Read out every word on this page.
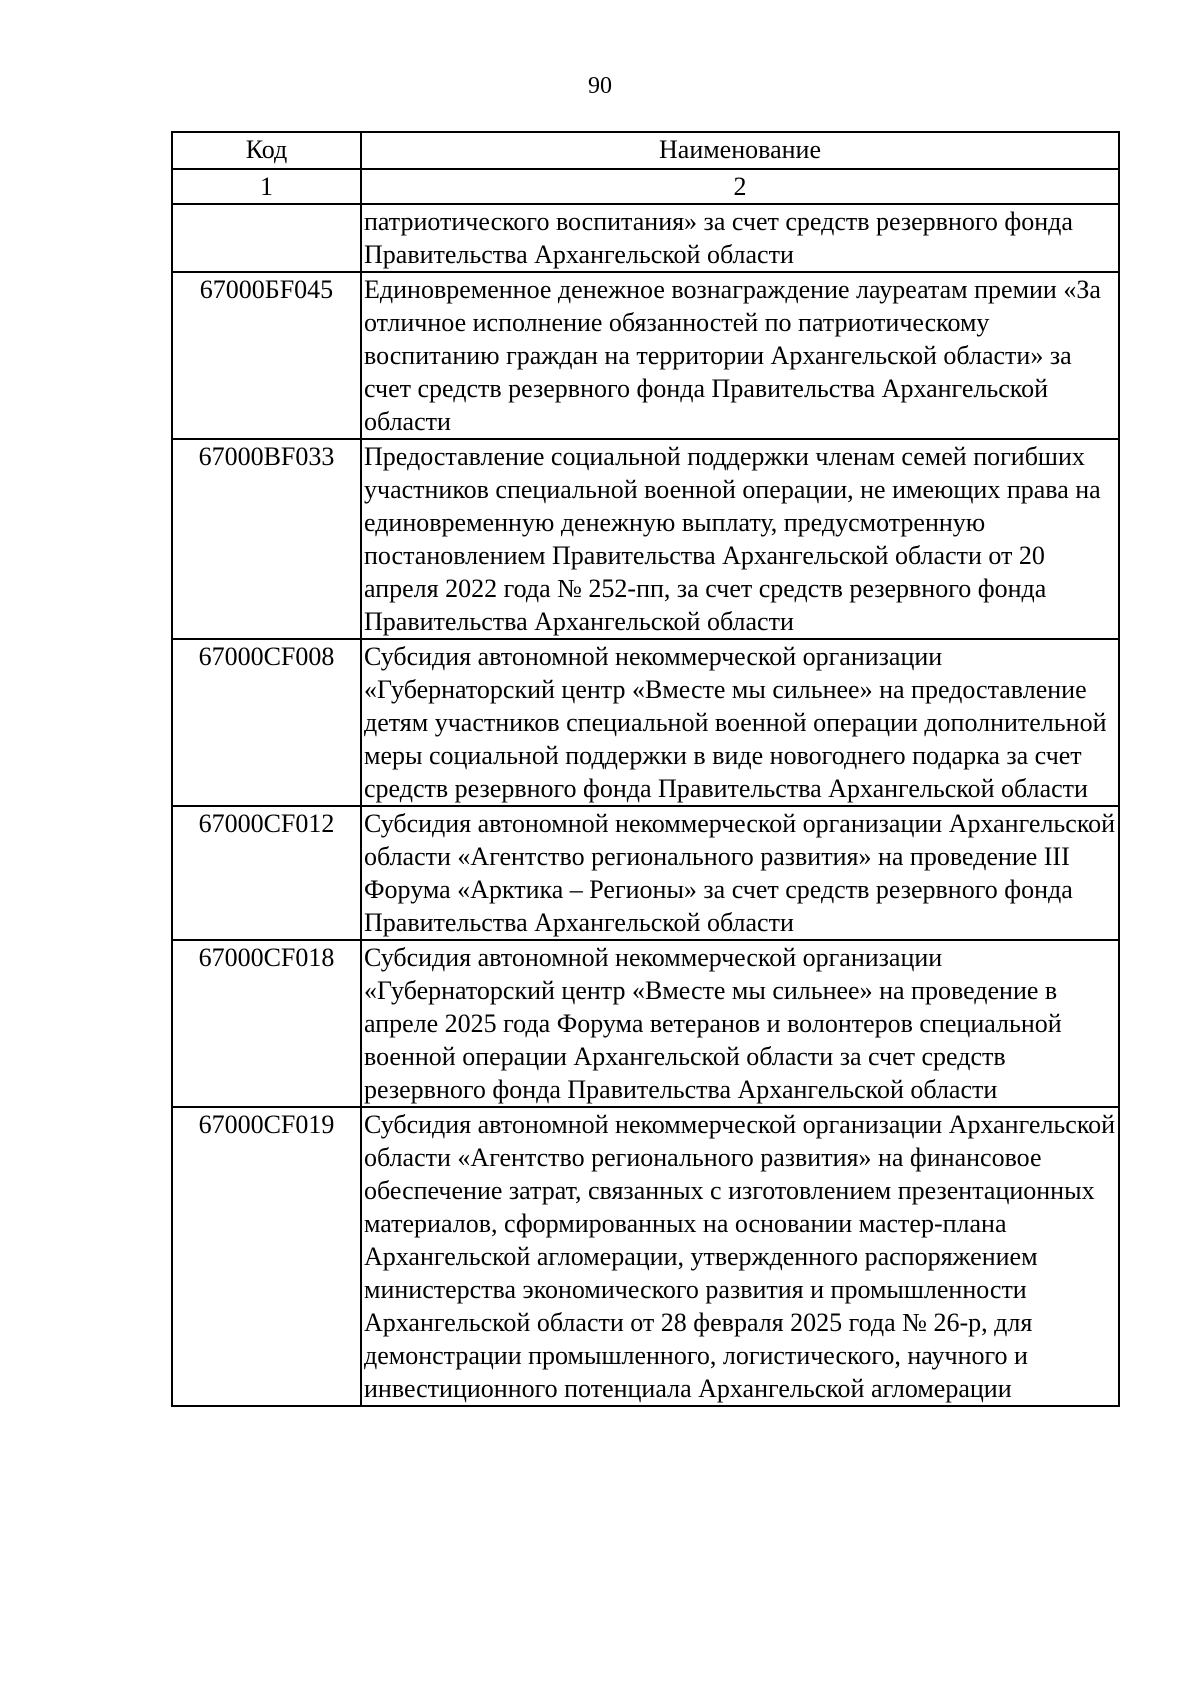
90
Код	Наименование
1	2
	патриотического воспитания» за счет средств резервного фонда Правительства Архангельской области
67000БF045	Единовременное денежное вознаграждение лауреатам премии «За отличное исполнение обязанностей по патриотическому воспитанию граждан на территории Архангельской области» за счет средств резервного фонда Правительства Архангельской области
67000ВF033	Предоставление социальной поддержки членам семей погибших участников специальной военной операции, не имеющих права на единовременную денежную выплату, предусмотренную постановлением Правительства Архангельской области от 20 апреля 2022 года № 252-пп, за счет средств резервного фонда Правительства Архангельской области
67000СF008	Субсидия автономной некоммерческой организации «Губернаторский центр «Вместе мы сильнее» на предоставление детям участников специальной военной операции дополнительной меры социальной поддержки в виде новогоднего подарка за счет средств резервного фонда Правительства Архангельской области
67000СF012	Субсидия автономной некоммерческой организации Архангельской области «Агентство регионального развития» на проведение III Форума «Арктика – Регионы» за счет средств резервного фонда Правительства Архангельской области
67000СF018	Субсидия автономной некоммерческой организации «Губернаторский центр «Вместе мы сильнее» на проведение в апреле 2025 года Форума ветеранов и волонтеров специальной военной операции Архангельской области за счет средств резервного фонда Правительства Архангельской области
67000СF019	Субсидия автономной некоммерческой организации Архангельской области «Агентство регионального развития» на финансовое обеспечение затрат, связанных с изготовлением презентационных материалов, сформированных на основании мастер-плана Архангельской агломерации, утвержденного распоряжением министерства экономического развития и промышленности Архангельской области от 28 февраля 2025 года № 26-р, для демонстрации промышленного, логистического, научного и инвестиционного потенциала Архангельской агломерации
